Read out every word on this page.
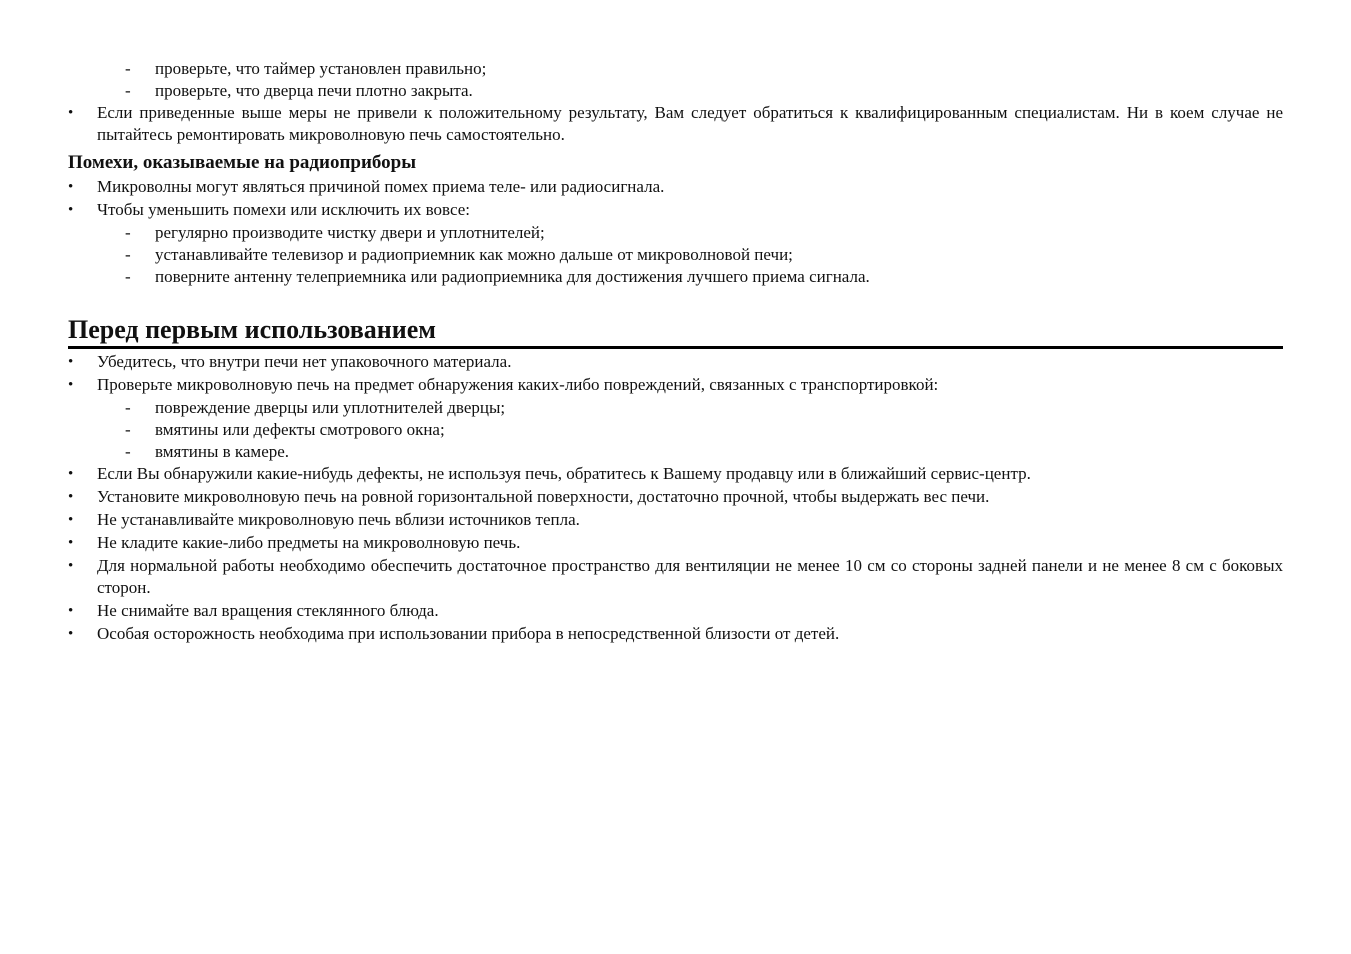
- проверьте, что таймер установлен правильно;
- проверьте, что дверца печи плотно закрыта.
•	Если приведенные выше меры не привели к положительному результату, Вам следует обратиться к квалифицированным специалистам. Ни в коем случае не пытайтесь ремонтировать микроволновую печь самостоятельно.
Помехи, оказываемые на радиоприборы
•	Микроволны могут являться причиной помех приема теле- или радиосигнала.
•	Чтобы уменьшить помехи или исключить их вовсе:
- регулярно производите чистку двери и уплотнителей;
- устанавливайте телевизор и радиоприемник как можно дальше от микроволновой печи;
- поверните антенну телеприемника или радиоприемника для достижения лучшего приема сигнала.
Перед первым использованием
•	Убедитесь, что внутри печи нет упаковочного материала.
•	Проверьте микроволновую печь на предмет обнаружения каких-либо повреждений, связанных с транспортировкой:
- повреждение дверцы или уплотнителей дверцы;
- вмятины или дефекты смотрового окна;
- вмятины в камере.
•	Если Вы обнаружили какие-нибудь дефекты, не используя печь, обратитесь к Вашему продавцу или в ближайший сервис-центр.
•	Установите микроволновую печь на ровной горизонтальной поверхности, достаточно прочной, чтобы выдержать вес печи.
•	Не устанавливайте микроволновую печь вблизи источников тепла.
•	Не кладите какие-либо предметы на микроволновую печь.
•	Для нормальной работы необходимо обеспечить достаточное пространство для вентиляции не менее 10 см со стороны задней панели и не менее 8 см с боковых сторон.
•	Не снимайте вал вращения стеклянного блюда.
•	Особая осторожность необходима при использовании прибора в непосредственной близости от детей.
